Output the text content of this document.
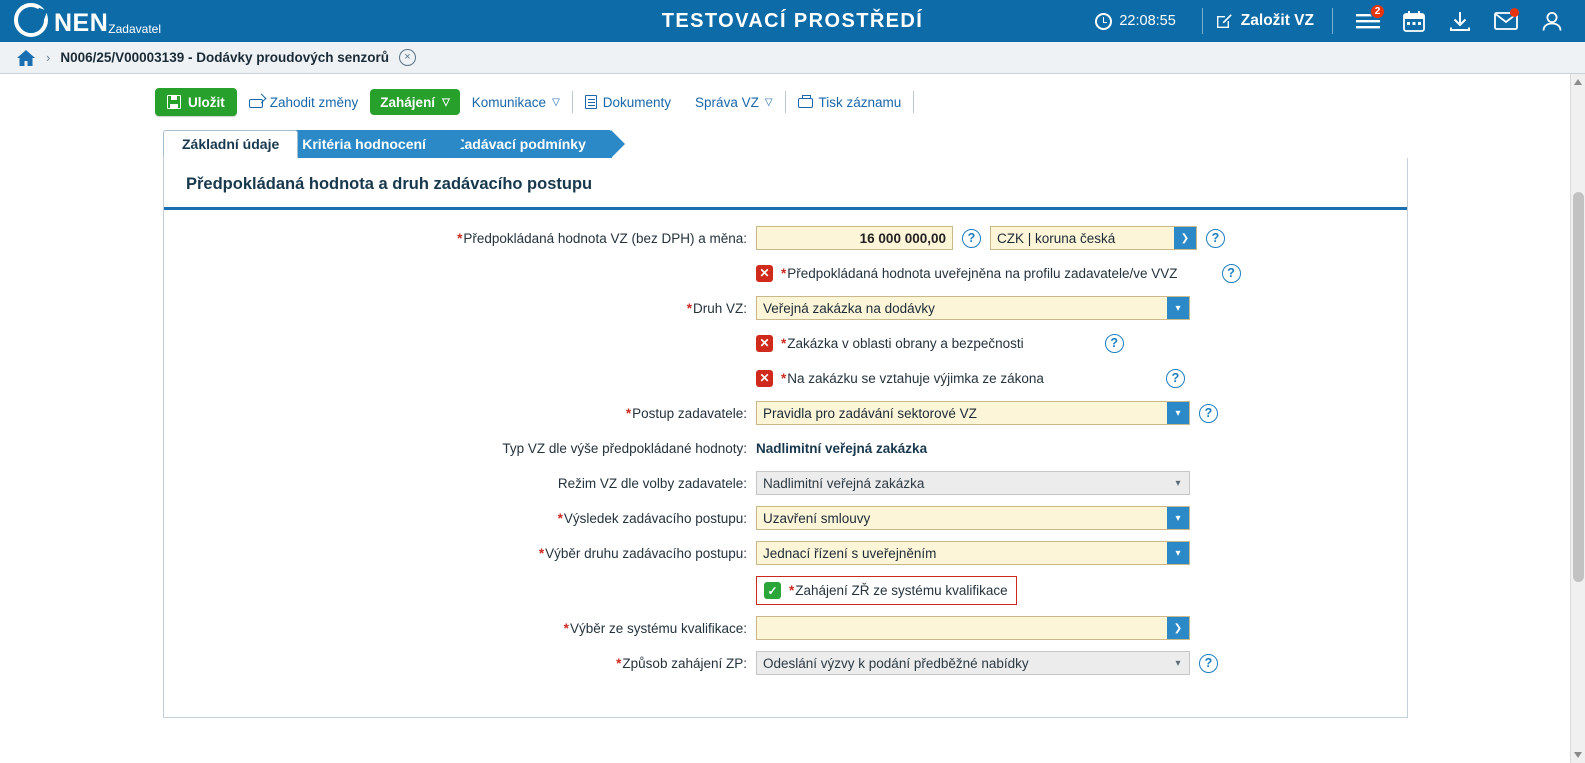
NEN Zadavatel	TESTOVACÍ PROSTŘEDÍ	22:08:55	Založit VZ
2
› N006/25/V00003139 - Dodávky proudových senzorů	×
Uložit	Zahodit změny Zahájení ▽ Komunikace ▽	Dokumenty Správa VZ ▽	Tisk záznamu
Základní údaje Kritéria hodnocení Zadávací podmínky
Předpokládaná hodnota a druh zadávacího postupu
*Předpokládaná hodnota VZ (bez DPH) a měna:
16 000 000,00	?	CZK | koruna česká	❯	?
✕ *Předpokládaná hodnota uveřejněna na profilu zadavatele/ve VVZ	?
*Druh VZ:	Veřejná zakázka na dodávky	▾
✕ *Zakázka v oblasti obrany a bezpečnosti	?
✕ *Na zakázku se vztahuje výjimka ze zákona	?
*Postup zadavatele:	Pravidla pro zadávání sektorové VZ	▾	?
Typ VZ dle výše předpokládané hodnoty: Nadlimitní veřejná zakázka
Režim VZ dle volby zadavatele:	Nadlimitní veřejná zakázka	▾
*Výsledek zadávacího postupu:	Uzavření smlouvy	▾
*Výběr druhu zadávacího postupu:	Jednací řízení s uveřejněním	▾
✓ *Zahájení ZŘ ze systému kvalifikace
*Výběr ze systému kvalifikace:	❯
*Způsob zahájení ZP:	Odeslání výzvy k podání předběžné nabídky	▾	?
